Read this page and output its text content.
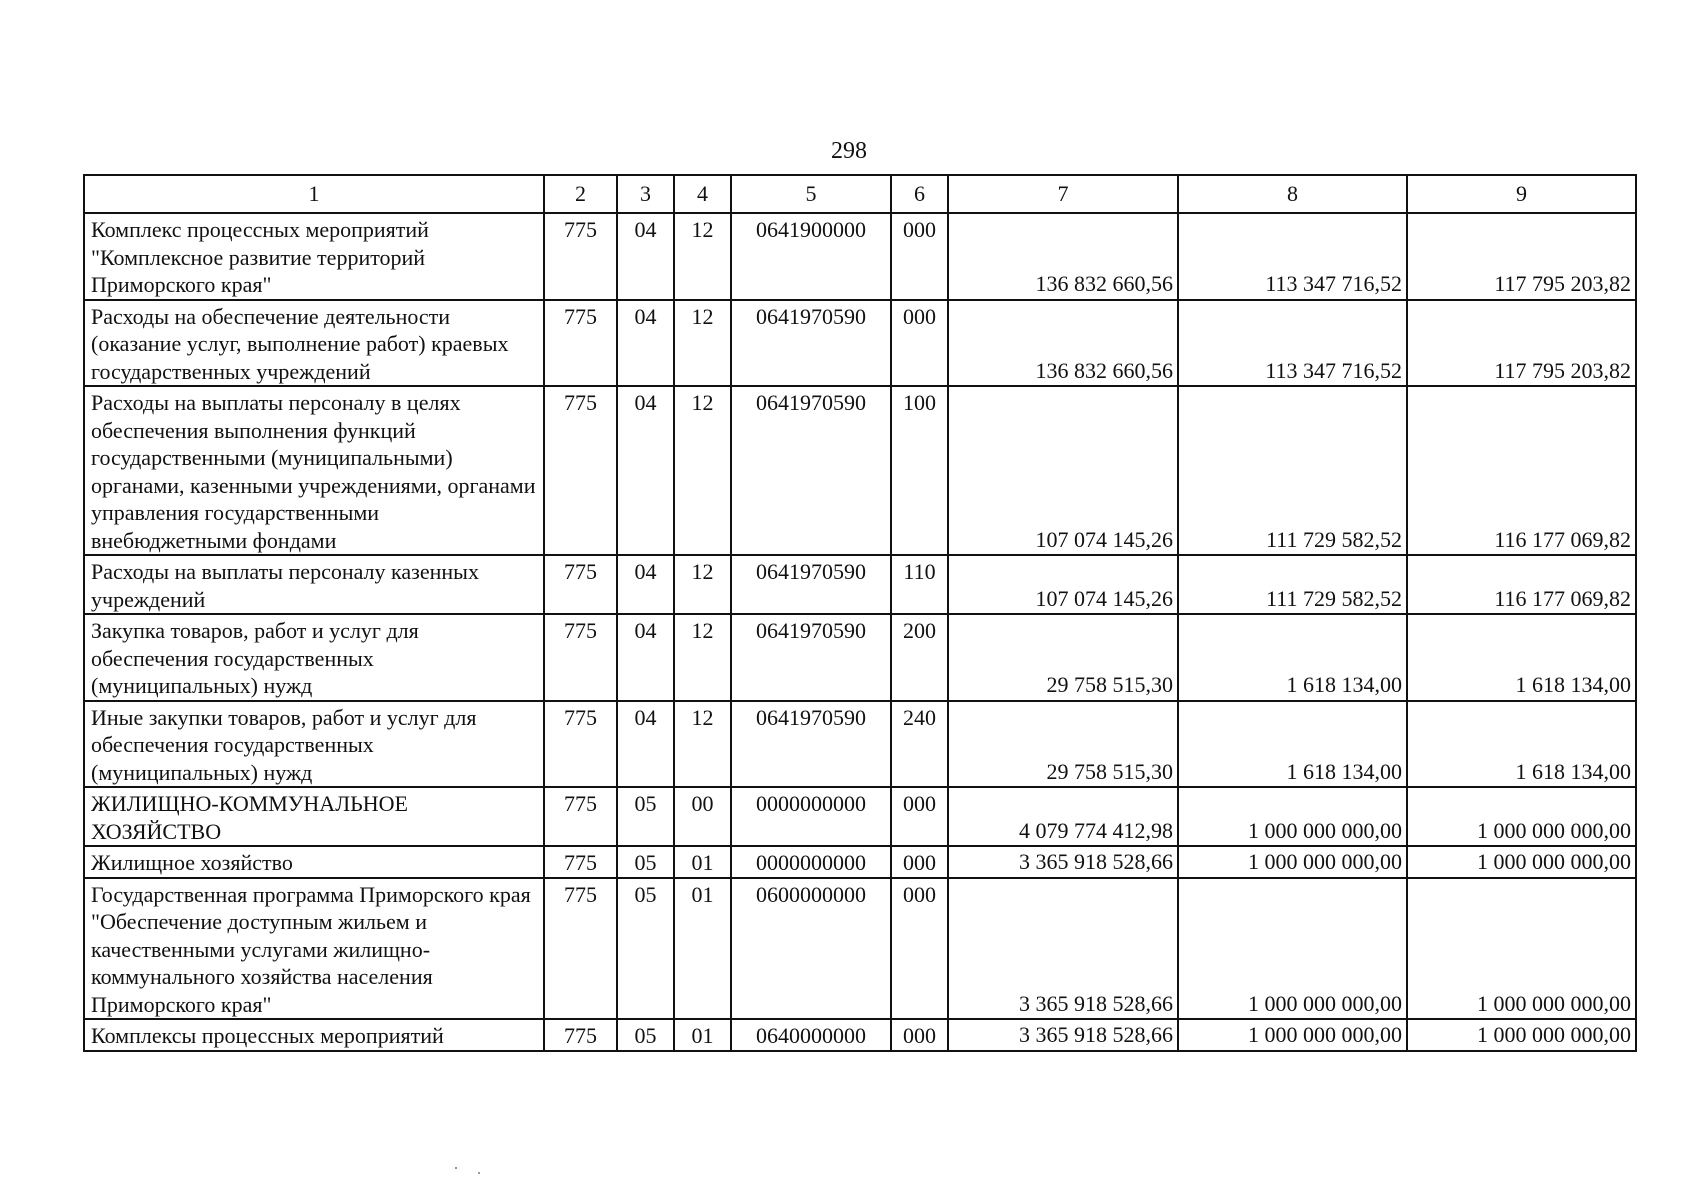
298
1	2	3	4	5	6	7	8	9
Комплекс процессных мероприятий "Комплексное развитие территорий Приморского края"	775	04	12	0641900000	000	136 832 660,56	113 347 716,52	117 795 203,82
Расходы на обеспечение деятельности (оказание услуг, выполнение работ) краевых государственных учреждений	775	04	12	0641970590	000	136 832 660,56	113 347 716,52	117 795 203,82
Расходы на выплаты персоналу в целях обеспечения выполнения функций государственными (муниципальными) органами, казенными учреждениями, органами управления государственными внебюджетными фондами	775	04	12	0641970590	100	107 074 145,26	111 729 582,52	116 177 069,82
Расходы на выплаты персоналу казенных учреждений	775	04	12	0641970590	110	107 074 145,26	111 729 582,52	116 177 069,82
Закупка товаров, работ и услуг для обеспечения государственных (муниципальных) нужд	775	04	12	0641970590	200	29 758 515,30	1 618 134,00	1 618 134,00
Иные закупки товаров, работ и услуг для обеспечения государственных (муниципальных) нужд	775	04	12	0641970590	240	29 758 515,30	1 618 134,00	1 618 134,00
ЖИЛИЩНО-КОММУНАЛЬНОЕ ХОЗЯЙСТВО	775	05	00	0000000000	000	4 079 774 412,98	1 000 000 000,00	1 000 000 000,00
Жилищное хозяйство	775	05	01	0000000000	000	3 365 918 528,66	1 000 000 000,00	1 000 000 000,00
Государственная программа Приморского края "Обеспечение доступным жильем и качественными услугами жилищно-коммунального хозяйства населения Приморского края"	775	05	01	0600000000	000	3 365 918 528,66	1 000 000 000,00	1 000 000 000,00
Комплексы процессных мероприятий	775	05	01	0640000000	000	3 365 918 528,66	1 000 000 000,00	1 000 000 000,00
